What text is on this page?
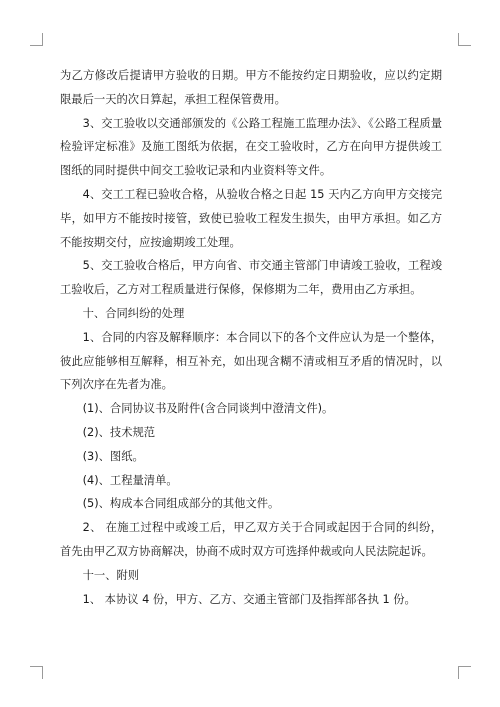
为乙方修改后提请甲方验收的日期。甲方不能按约定日期验收，应以约定期限最后一天的次日算起，承担工程保管费用。

3、交工验收以交通部颁发的《公路工程施工监理办法》、《公路工程质量检验评定标准》及施工图纸为依据，在交工验收时，乙方在向甲方提供竣工图纸的同时提供中间交工验收记录和内业资料等文件。

4、交工工程已验收合格，从验收合格之日起 15 天内乙方向甲方交接完毕，如甲方不能按时接管，致使已验收工程发生损失，由甲方承担。如乙方不能按期交付，应按逾期竣工处理。

5、交工验收合格后，甲方向省、市交通主管部门申请竣工验收，工程竣工验收后，乙方对工程质量进行保修，保修期为二年，费用由乙方承担。

十、合同纠纷的处理

1、合同的内容及解释顺序：本合同以下的各个文件应认为是一个整体，彼此应能够相互解释，相互补充，如出现含糊不清或相互矛盾的情况时，以下列次序在先者为准。

(1)、合同协议书及附件(含合同谈判中澄清文件)。

(2)、技术规范

(3)、图纸。

(4)、工程量清单。

(5)、构成本合同组成部分的其他文件。

2、 在施工过程中或竣工后，甲乙双方关于合同或起因于合同的纠纷，首先由甲乙双方协商解决，协商不成时双方可选择仲裁或向人民法院起诉。

十一、附则

1、 本协议 4 份，甲方、乙方、交通主管部门及指挥部各执 1 份。
